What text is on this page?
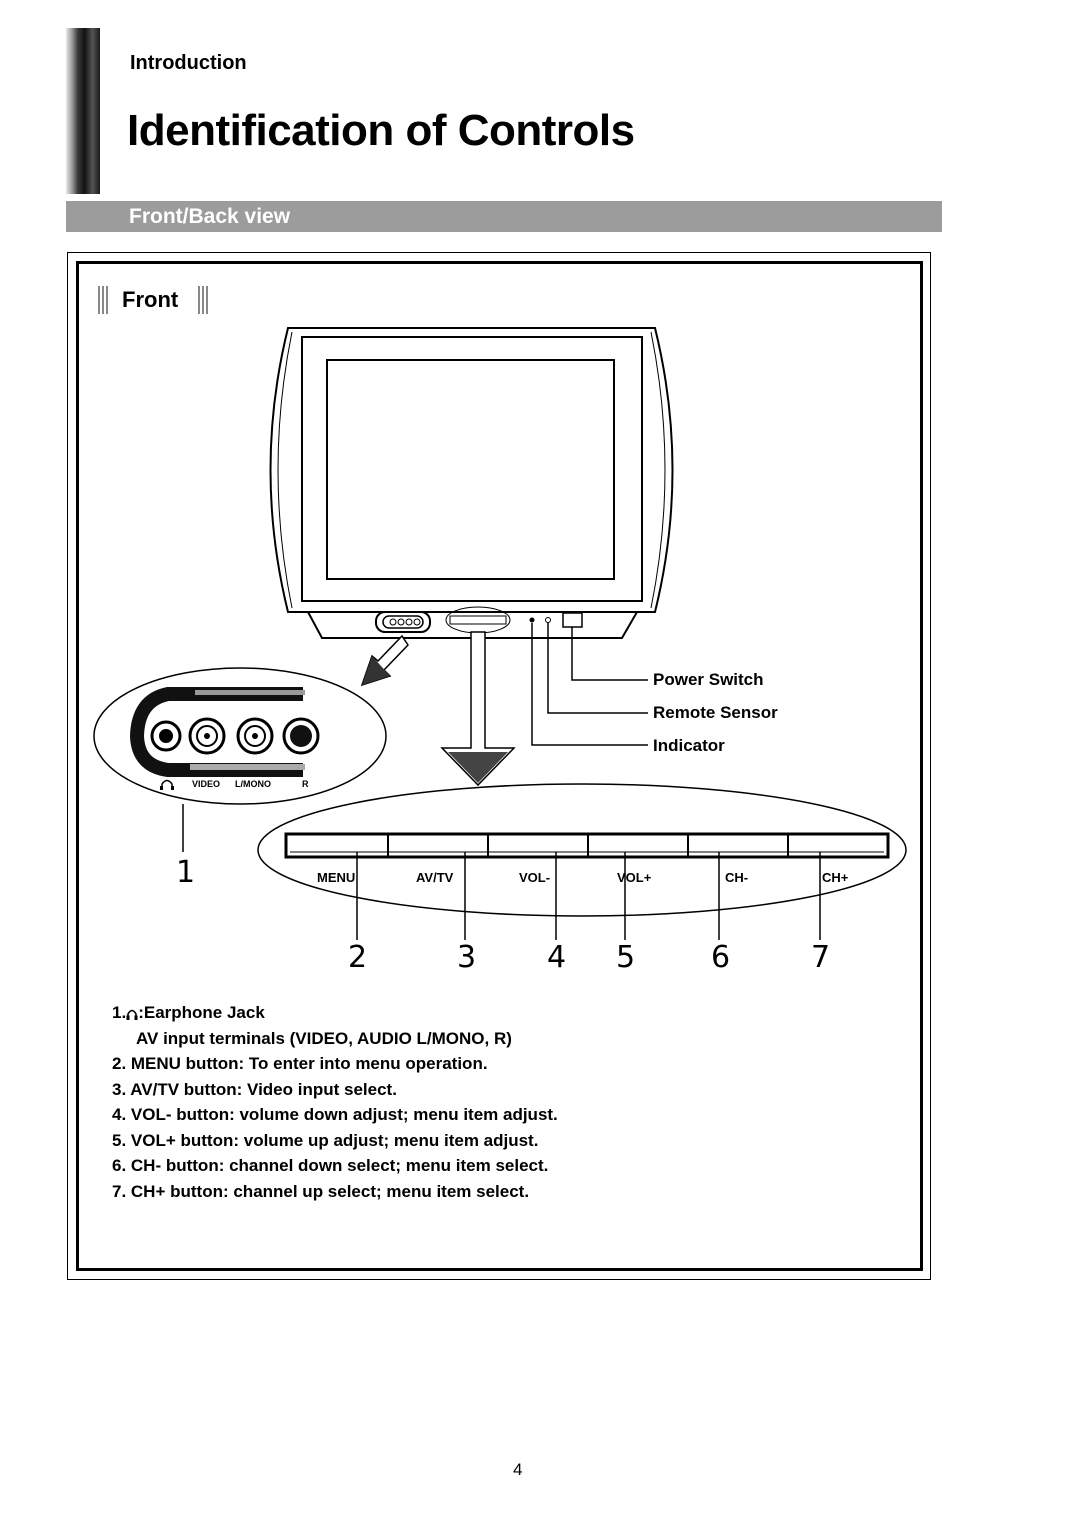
Introduction
Identification of Controls
Front/Back view
Front
Power Switch
Remote Sensor
Indicator
VIDEO L/MONO	R
MENU	AV/TV	VOL-	VOL+	CH-	CH+
1
2	3 4 5	6	7
1. :Earphone Jack
AV input terminals (VIDEO, AUDIO L/MONO, R)
2. MENU button: To enter into menu operation.
3. AV/TV button: Video input select.
4. VOL- button: volume down adjust; menu item adjust.
5. VOL+ button: volume up adjust; menu item adjust.
6. CH- button: channel down select; menu item select.
7. CH+ button: channel up select; menu item select.
4
